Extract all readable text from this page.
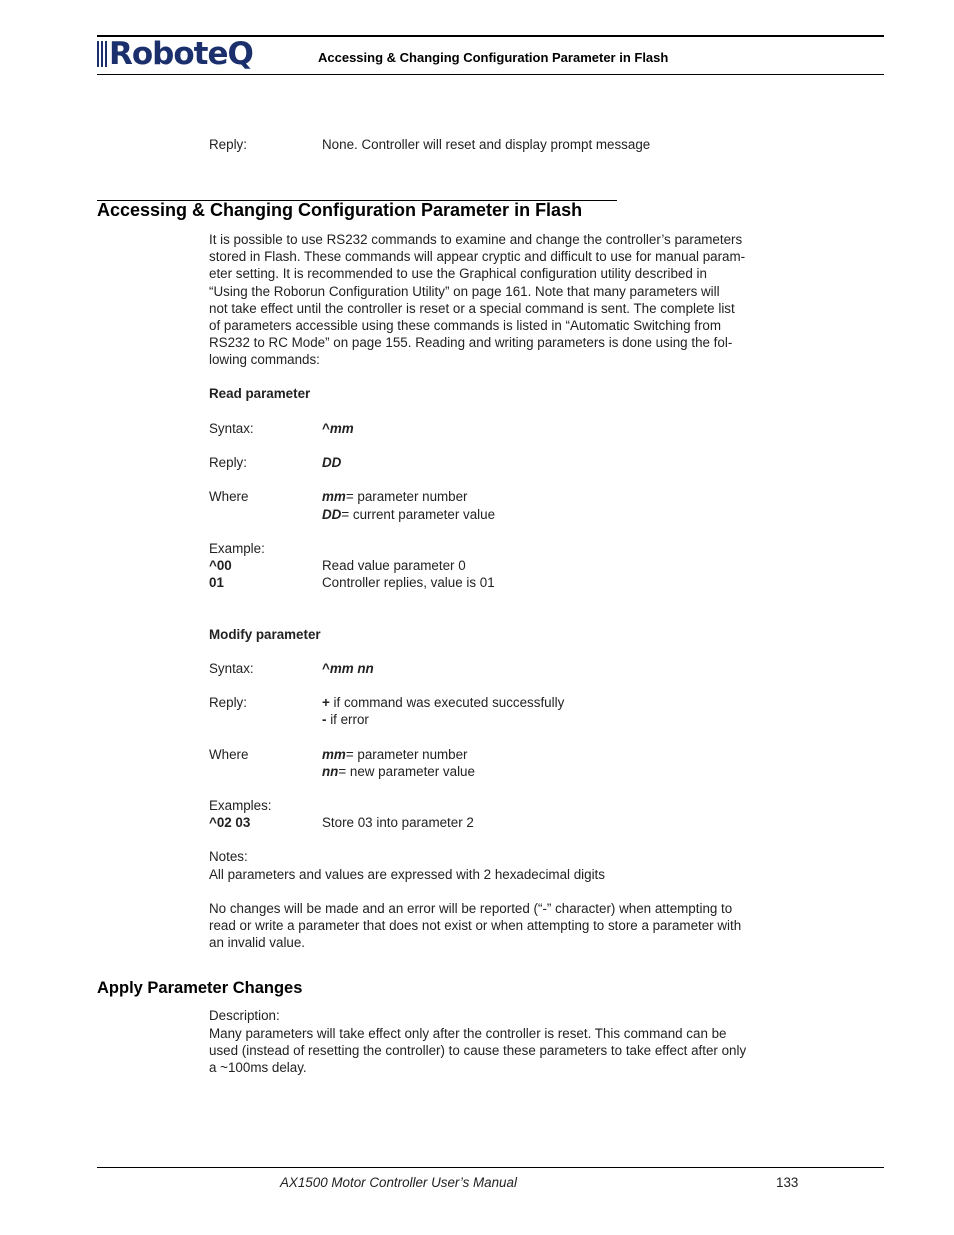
RoboteQ	Accessing & Changing Configuration Parameter in Flash
Reply:	None. Controller will reset and display prompt message
Accessing & Changing Configuration Parameter in Flash
It is possible to use RS232 commands to examine and change the controller’s parameters
stored in Flash. These commands will appear cryptic and difficult to use for manual param-
eter setting. It is recommended to use the Graphical configuration utility described in
“Using the Roborun Configuration Utility” on page 161. Note that many parameters will
not take effect until the controller is reset or a special command is sent. The complete list
of parameters accessible using these commands is listed in “Automatic Switching from
RS232 to RC Mode” on page 155. Reading and writing parameters is done using the fol-
lowing commands:
Read parameter
Syntax:	^mm
Reply:	DD
Where	mm= parameter number
DD= current parameter value
Example:
^00	Read value parameter 0
01	Controller replies, value is 01
Modify parameter
Syntax:	^mm nn
Reply:	+ if command was executed successfully
- if error
Where	mm= parameter number
nn= new parameter value
Examples:
^02 03	Store 03 into parameter 2
Notes:
All parameters and values are expressed with 2 hexadecimal digits
No changes will be made and an error will be reported (“-” character) when attempting to
read or write a parameter that does not exist or when attempting to store a parameter with
an invalid value.
Apply Parameter Changes
Description:
Many parameters will take effect only after the controller is reset. This command can be
used (instead of resetting the controller) to cause these parameters to take effect after only
a ~100ms delay.
AX1500 Motor Controller User’s Manual	133
